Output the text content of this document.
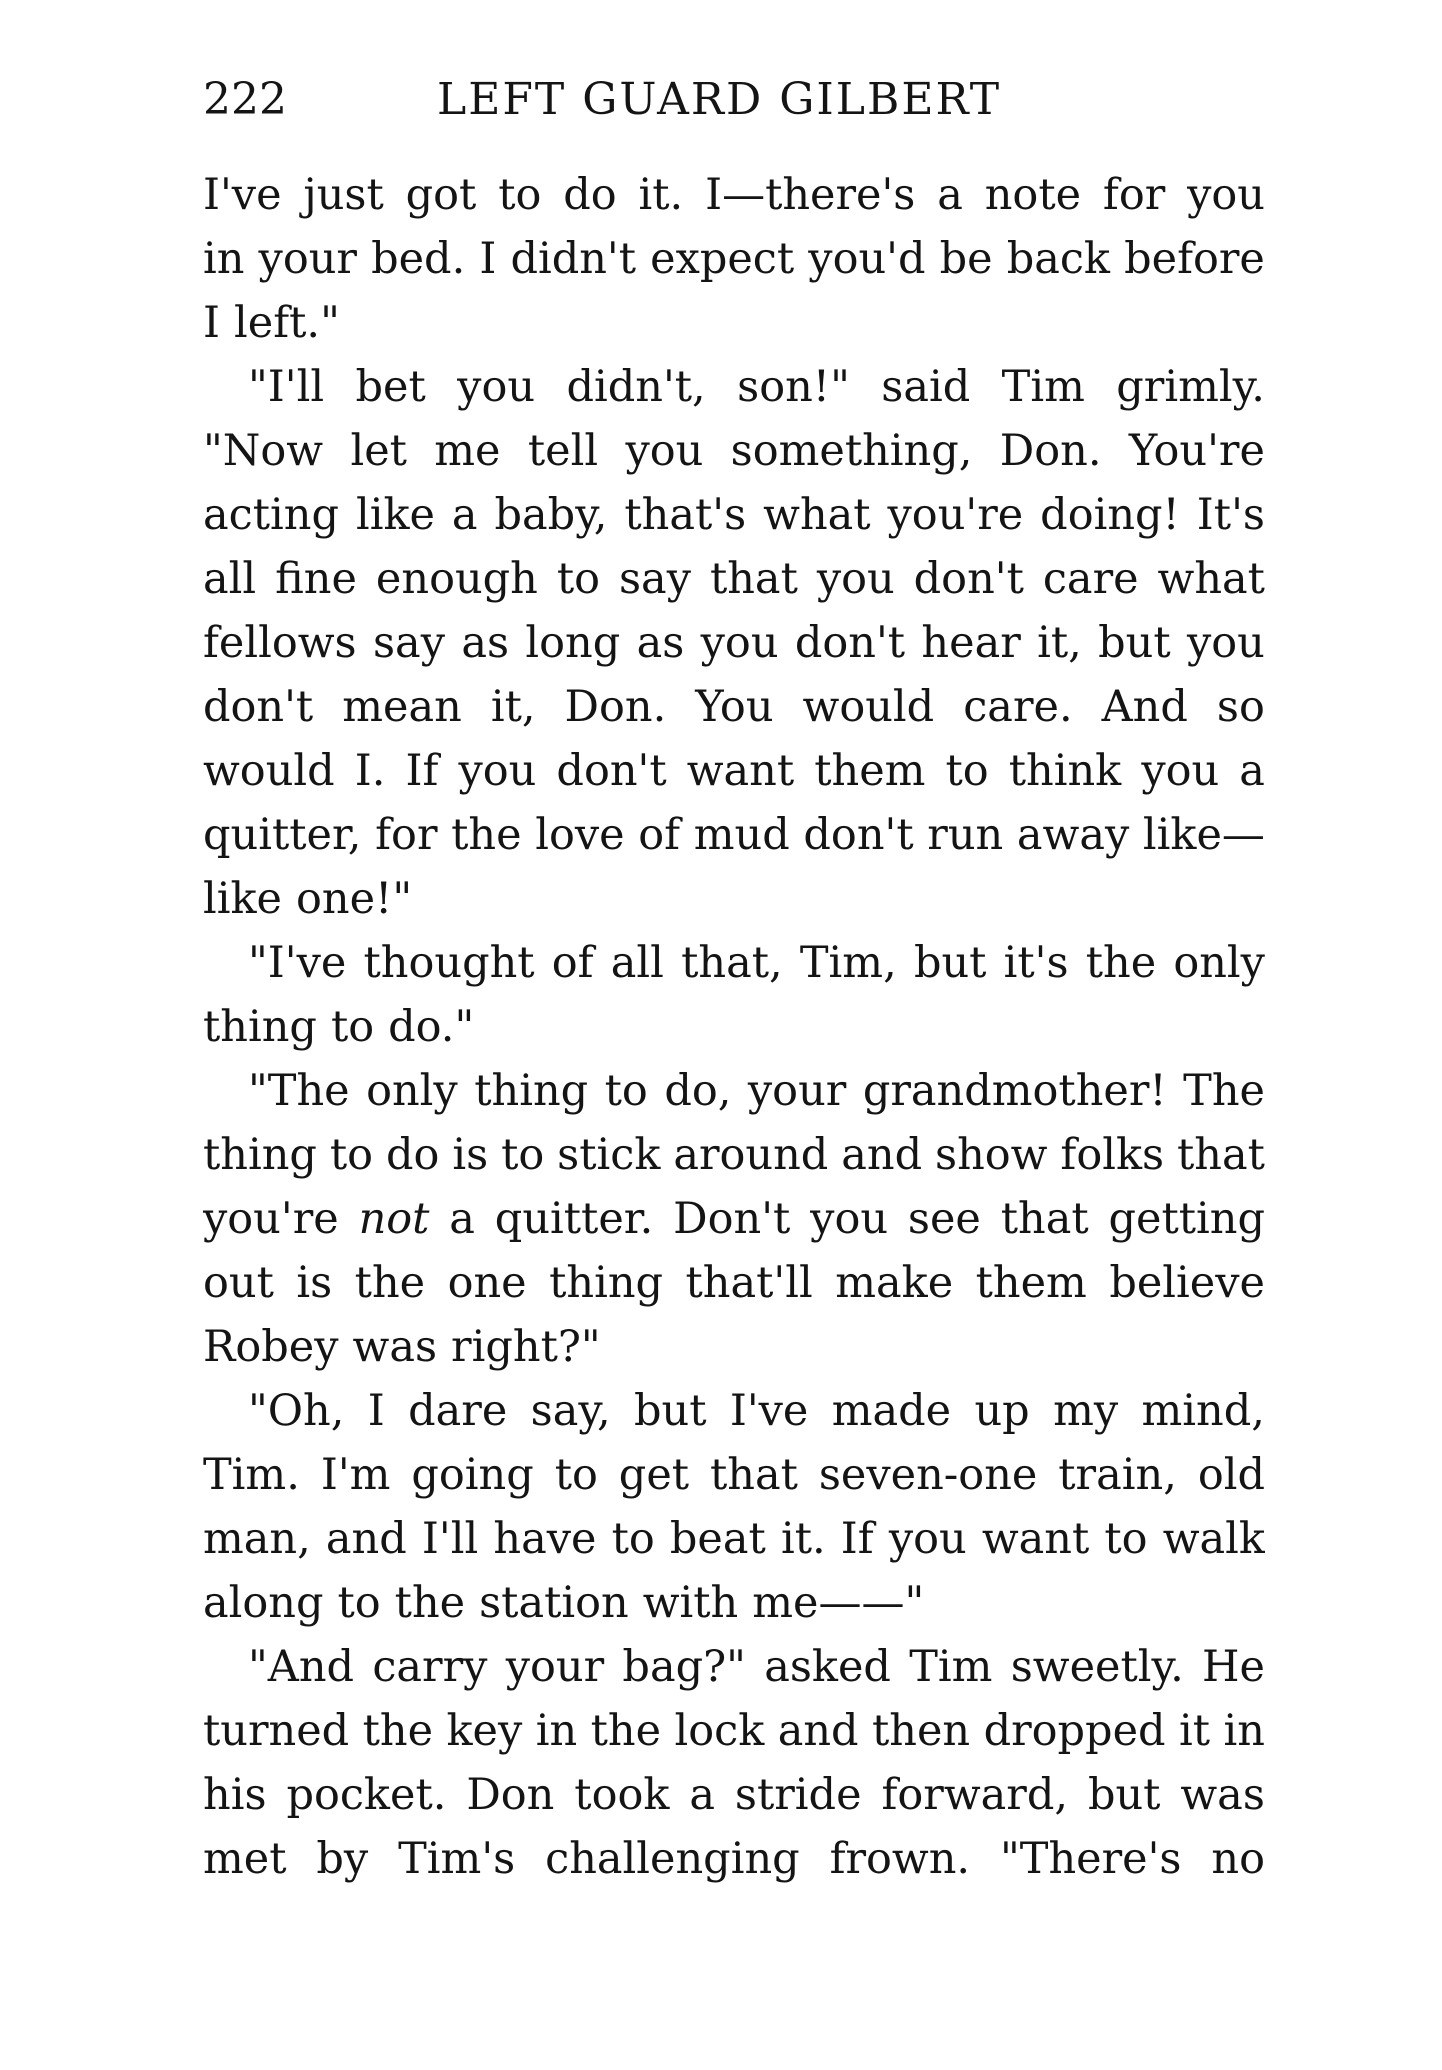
222	LEFT GUARD GILBERT
I've just got to do it. I—there's a note for you
in your bed. I didn't expect you'd be back before
I left."
"I'll bet you didn't, son!" said Tim grimly.
"Now let me tell you something, Don. You're
acting like a baby, that's what you're doing! It's
all fine enough to say that you don't care what
fellows say as long as you don't hear it, but you
don't mean it, Don. You would care. And so
would I. If you don't want them to think you a
quitter, for the love of mud don't run away like—
like one!"
"I've thought of all that, Tim, but it's the only
thing to do."
"The only thing to do, your grandmother! The
thing to do is to stick around and show folks that
you're not a quitter. Don't you see that getting
out is the one thing that'll make them believe
Robey was right?"
"Oh, I dare say, but I've made up my mind,
Tim. I'm going to get that seven-one train, old
man, and I'll have to beat it. If you want to walk
along to the station with me——"
"And carry your bag?" asked Tim sweetly. He
turned the key in the lock and then dropped it in
his pocket. Don took a stride forward, but was
met by Tim's challenging frown. "There's no
